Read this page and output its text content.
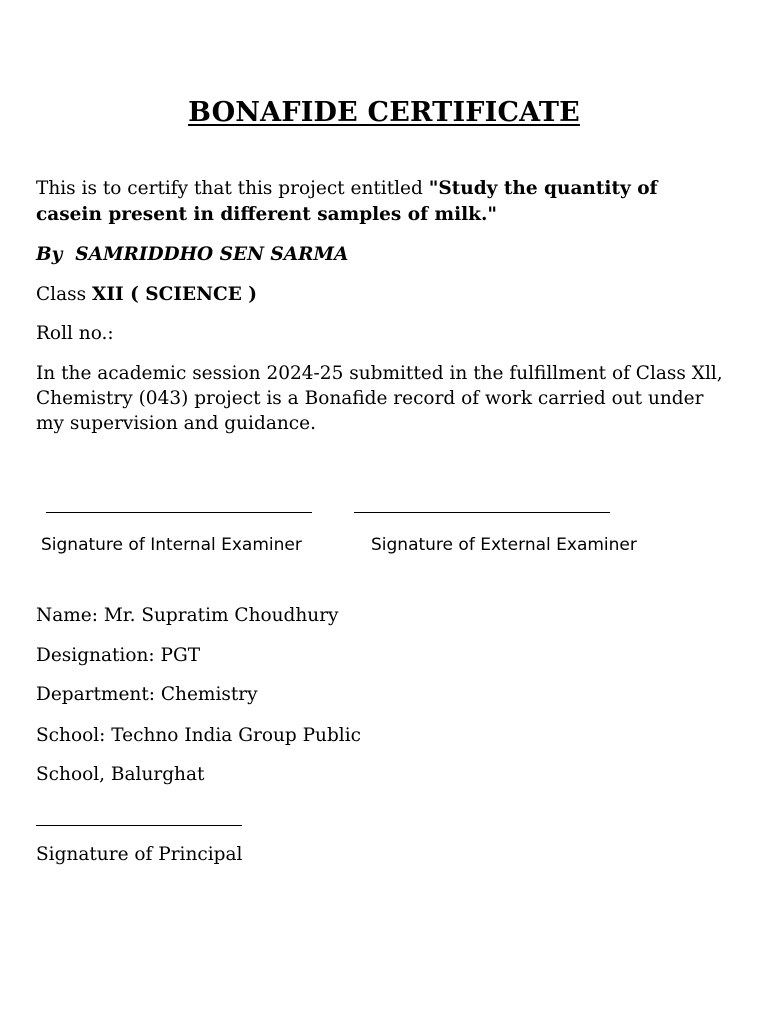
BONAFIDE CERTIFICATE
This is to certify that this project entitled "Study the quantity of
casein present in different samples of milk."
By  SAMRIDDHO SEN SARMA
Class XII ( SCIENCE )
Roll no.:
In the academic session 2024-25 submitted in the fulfillment of Class Xll, Chemistry (043) project is a Bonafide record of work carried out under my supervision and guidance.
Signature of Internal Examiner	Signature of External Examiner
Name: Mr. Supratim Choudhury
Designation: PGT
Department: Chemistry
School: Techno India Group Public
School, Balurghat
Signature of Principal
